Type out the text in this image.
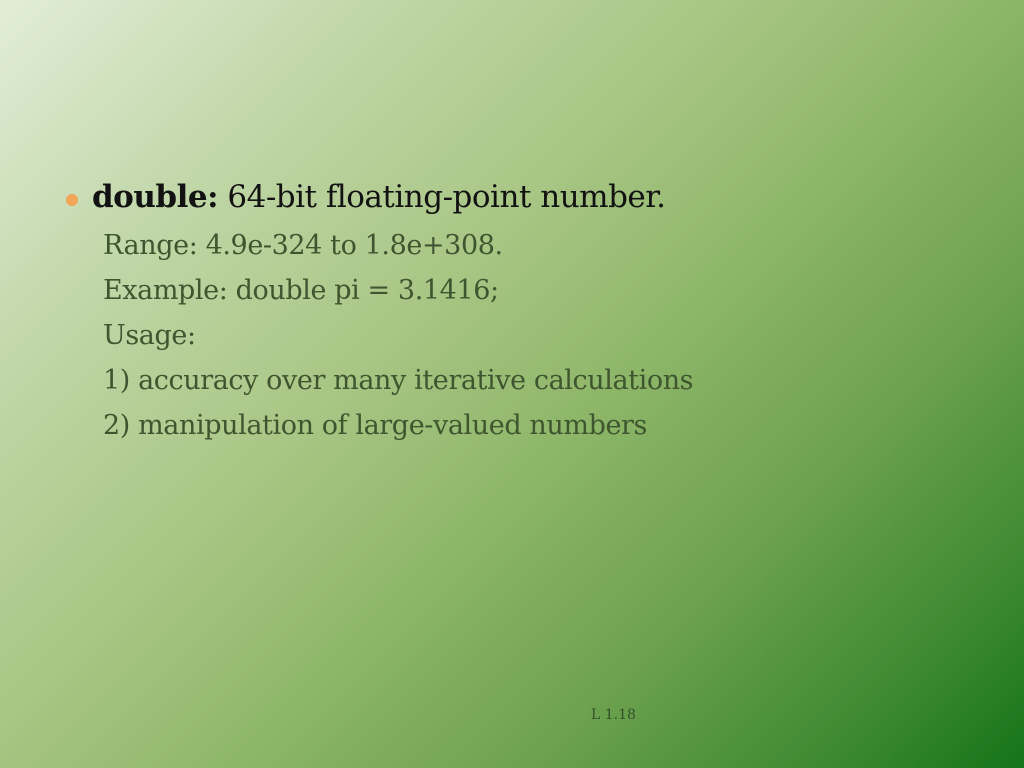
double: 64-bit floating-point number.
Range: 4.9e-324 to 1.8e+308.
Example: double pi = 3.1416;
Usage:
1) accuracy over many iterative calculations
2) manipulation of large-valued numbers
L 1.18
